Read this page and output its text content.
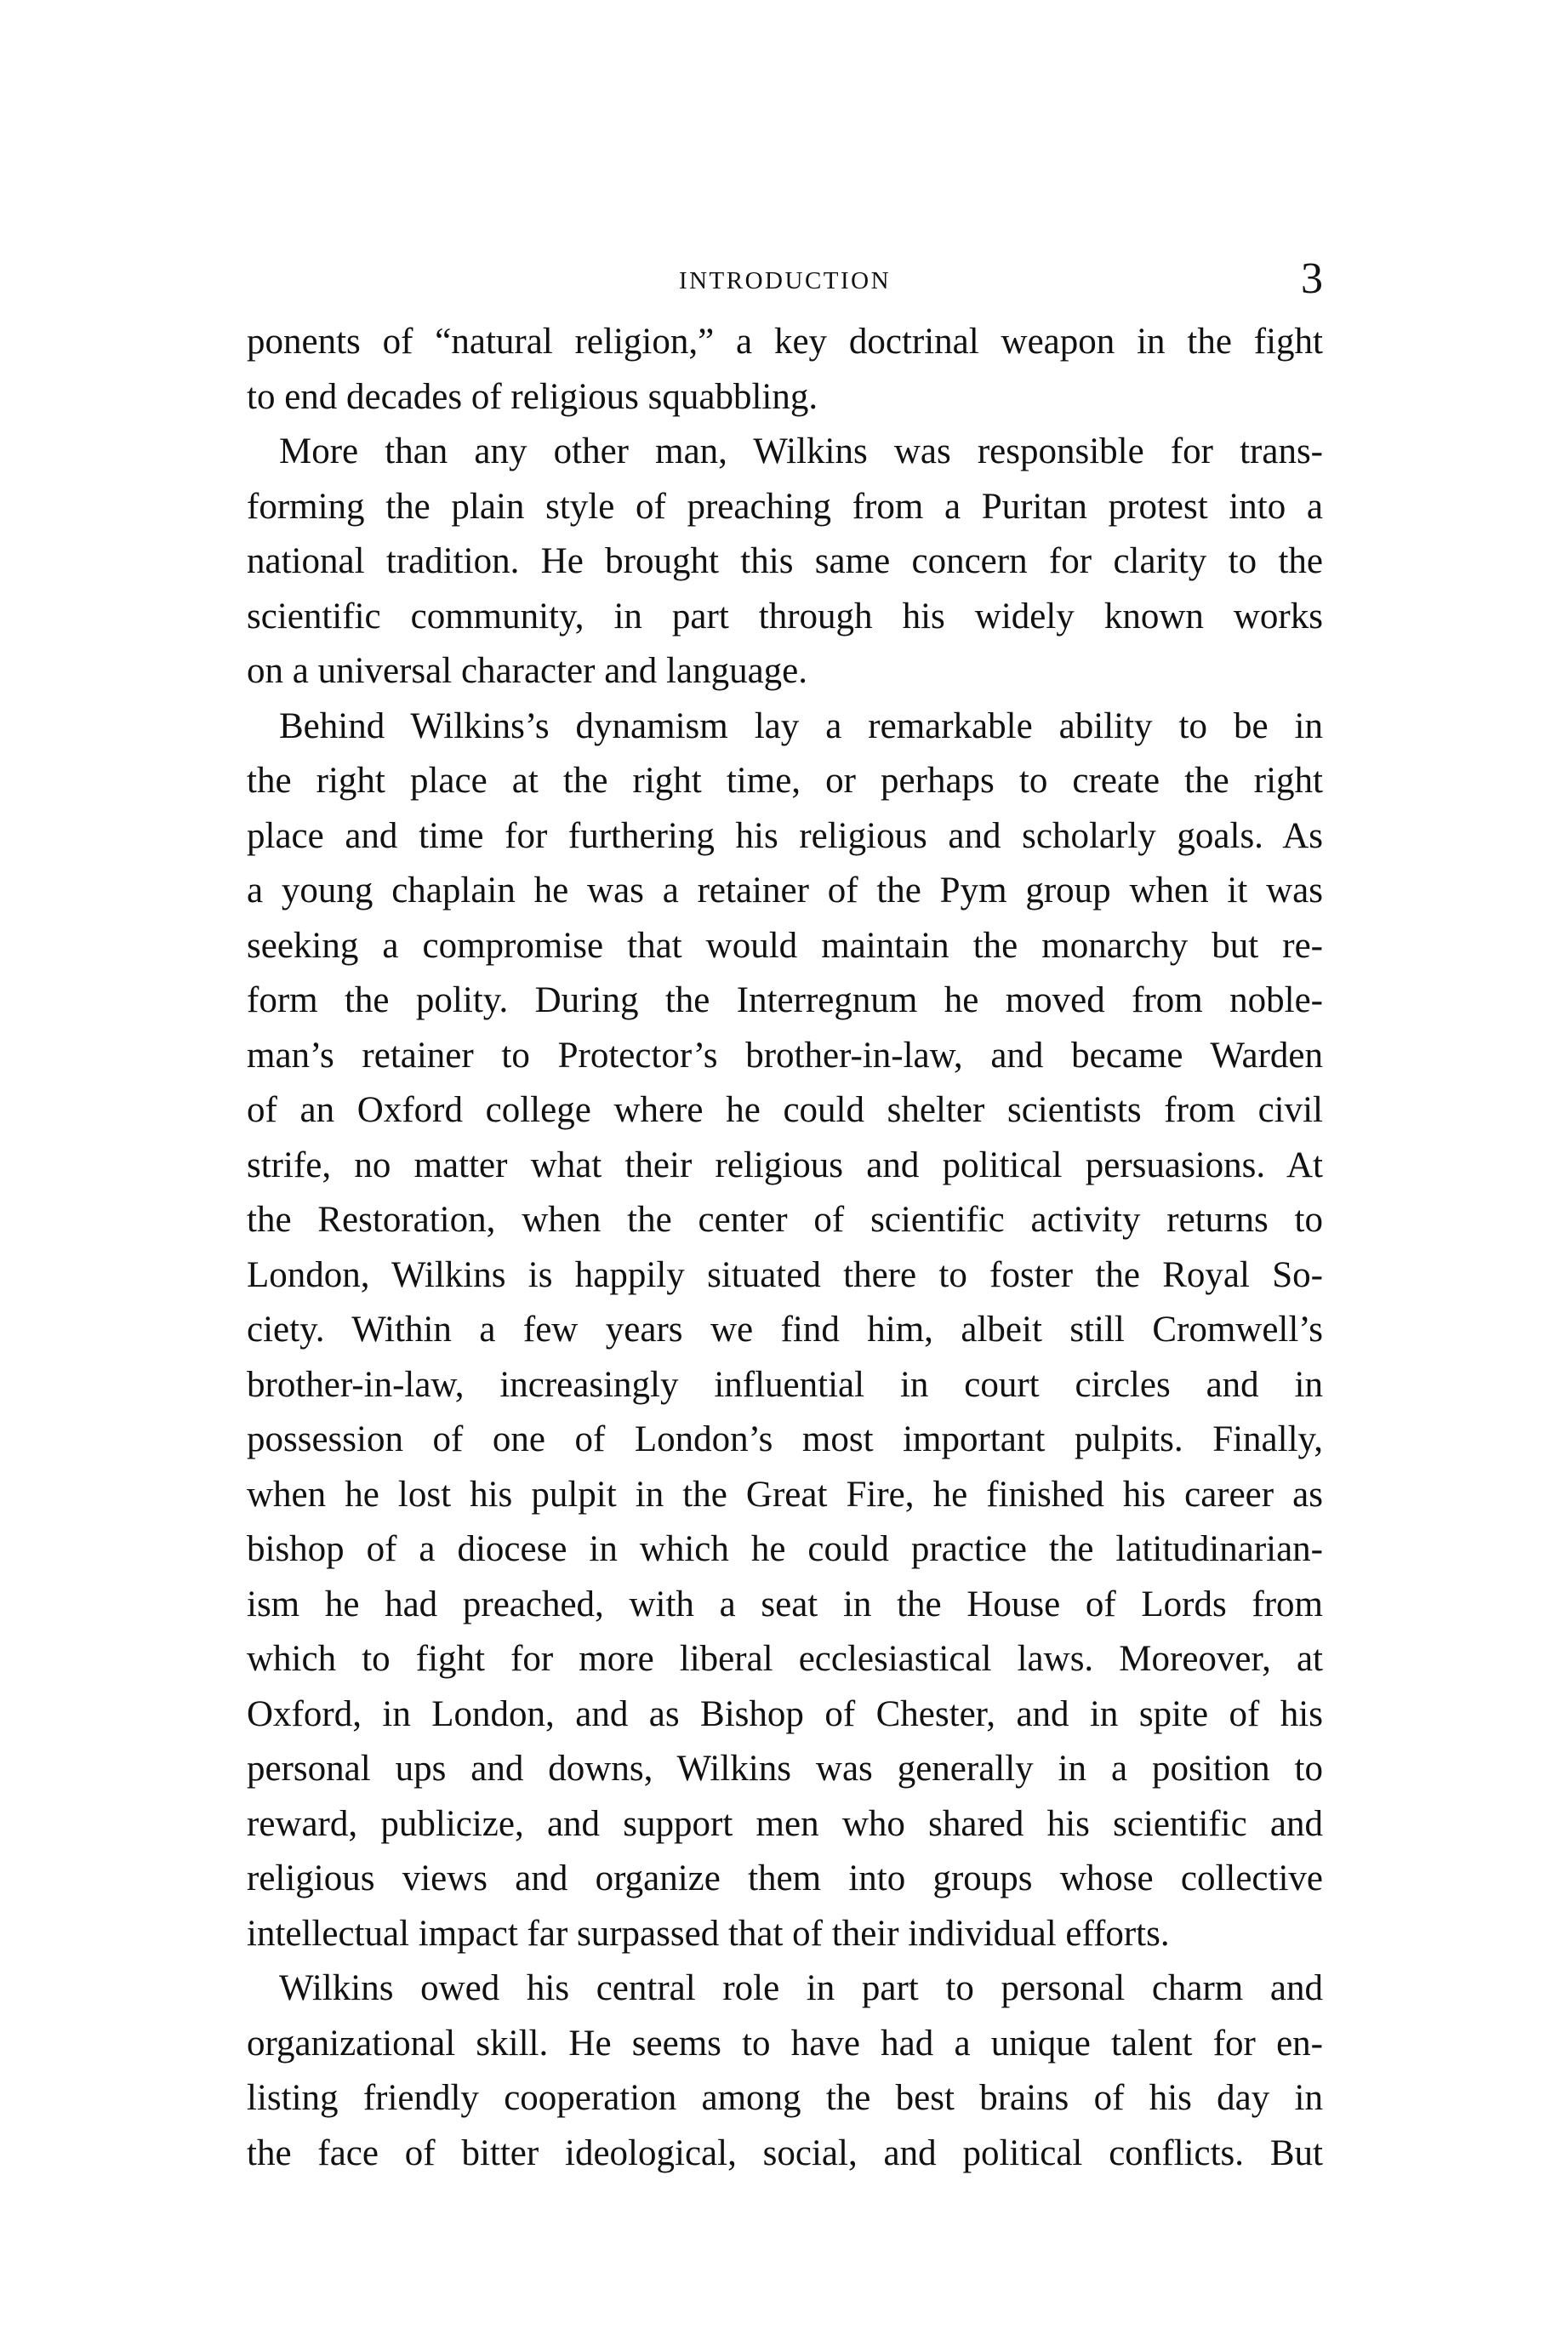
INTRODUCTION	3
ponents of “natural religion,” a key doctrinal weapon in the fight
to end decades of religious squabbling.
More than any other man, Wilkins was responsible for trans-
forming the plain style of preaching from a Puritan protest into a
national tradition. He brought this same concern for clarity to the
scientific community, in part through his widely known works
on a universal character and language.
Behind Wilkins’s dynamism lay a remarkable ability to be in
the right place at the right time, or perhaps to create the right
place and time for furthering his religious and scholarly goals. As
a young chaplain he was a retainer of the Pym group when it was
seeking a compromise that would maintain the monarchy but re-
form the polity. During the Interregnum he moved from noble-
man’s retainer to Protector’s brother-in-law, and became Warden
of an Oxford college where he could shelter scientists from civil
strife, no matter what their religious and political persuasions. At
the Restoration, when the center of scientific activity returns to
London, Wilkins is happily situated there to foster the Royal So-
ciety. Within a few years we find him, albeit still Cromwell’s
brother-in-law, increasingly influential in court circles and in
possession of one of London’s most important pulpits. Finally,
when he lost his pulpit in the Great Fire, he finished his career as
bishop of a diocese in which he could practice the latitudinarian-
ism he had preached, with a seat in the House of Lords from
which to fight for more liberal ecclesiastical laws. Moreover, at
Oxford, in London, and as Bishop of Chester, and in spite of his
personal ups and downs, Wilkins was generally in a position to
reward, publicize, and support men who shared his scientific and
religious views and organize them into groups whose collective
intellectual impact far surpassed that of their individual efforts.
Wilkins owed his central role in part to personal charm and
organizational skill. He seems to have had a unique talent for en-
listing friendly cooperation among the best brains of his day in
the face of bitter ideological, social, and political conflicts. But
